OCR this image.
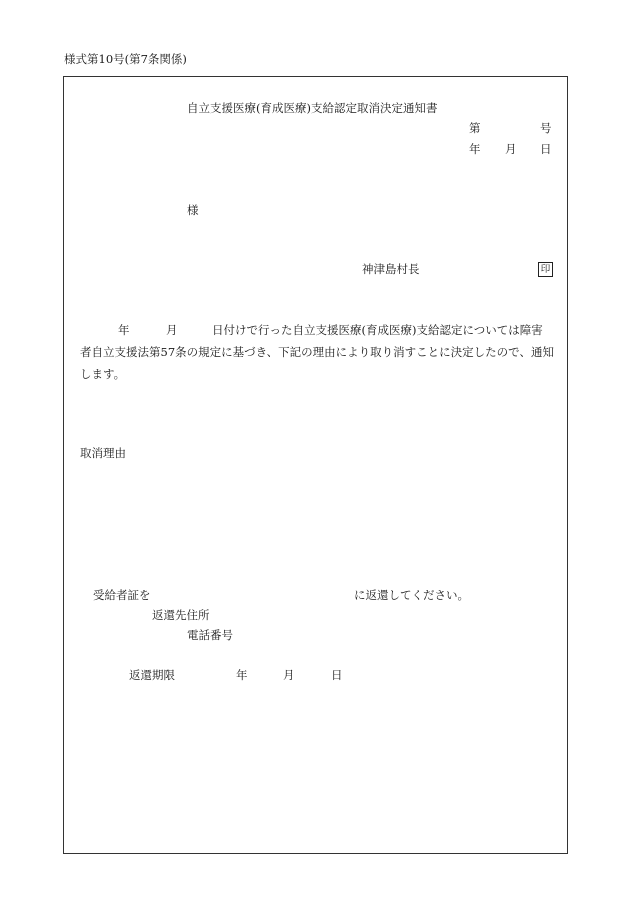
様式第10号(第7条関係)
自立支援医療(育成医療)支給認定取消決定通知書
第	号
年 月 日
様
神津島村長	印
年	月	日付けで行った自立支援医療(育成医療)支給認定については障害
者自立支援法第57条の規定に基づき、下記の理由により取り消すことに決定したので、通知
します。
取消理由
受給者証を	に返還してください。
返還先住所
電話番号
返還期限	年	月	日
